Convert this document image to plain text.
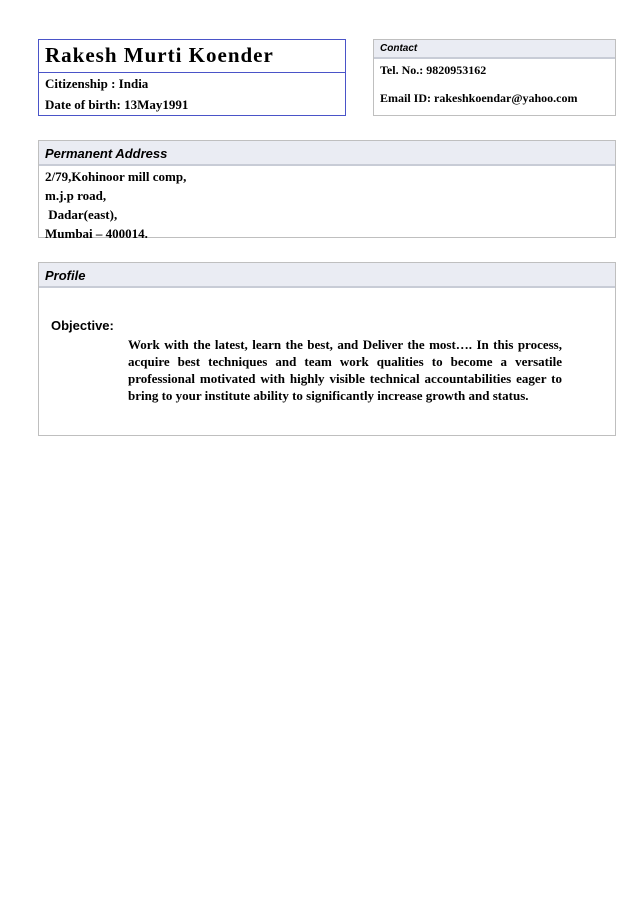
Rakesh Murti Koender
Citizenship : India
Date of birth: 13May1991
Contact
Tel. No.: 9820953162
Email ID: rakeshkoendar@yahoo.com
Permanent Address
2/79,Kohinoor mill comp,
m.j.p road,
Dadar(east),
Mumbai – 400014.
Profile
Objective:
Work with the latest, learn the best, and Deliver the most…. In this process, acquire best techniques and team work qualities to become a versatile professional motivated with highly visible technical accountabilities eager to bring to your institute ability to significantly increase growth and status.
